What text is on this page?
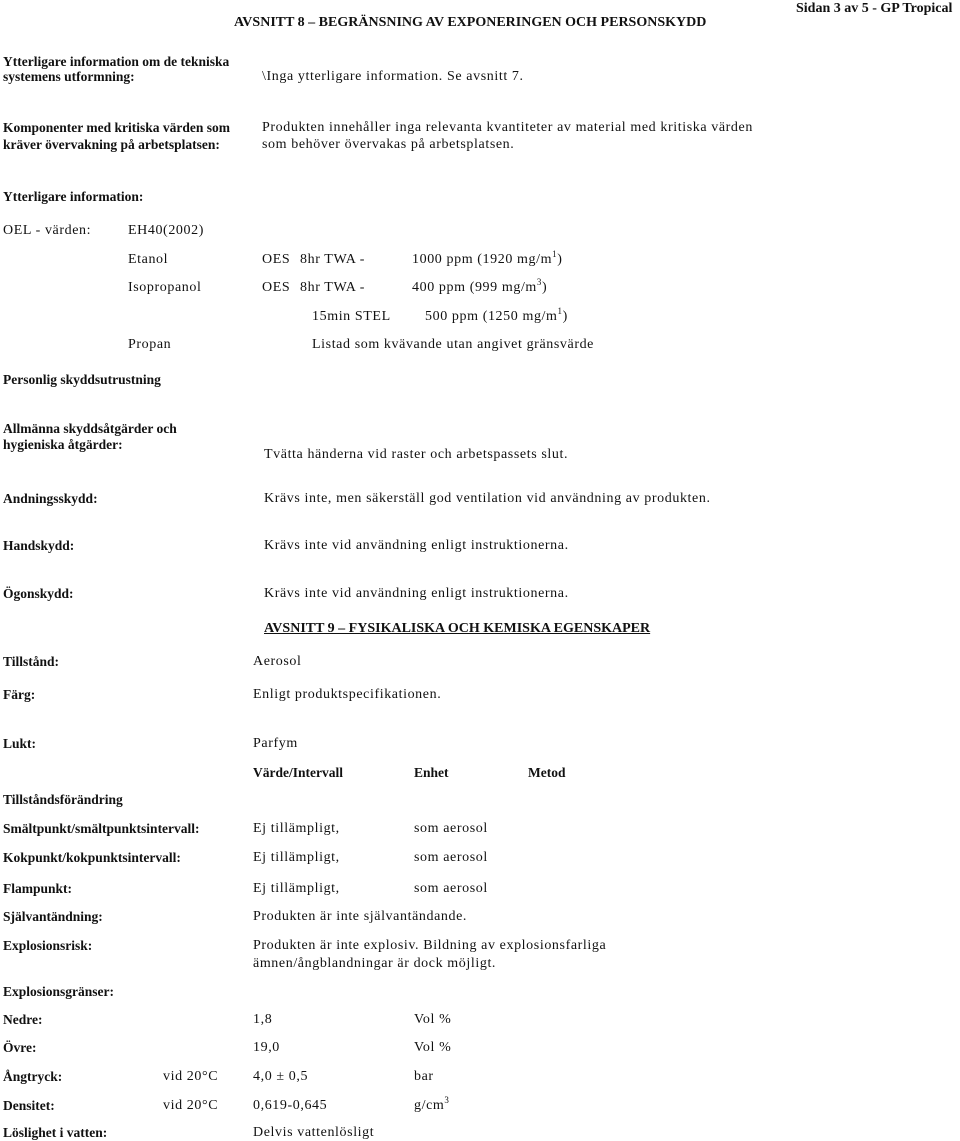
AVSNITT 8 – BEGRÄNSNING AV EXPONERINGEN OCH PERSONSKYDD
Sidan 3 av 5 - GP Tropical
Ytterligare information om de tekniska
systemens utformning:	\Inga ytterligare information. Se avsnitt 7.
Komponenter med kritiska värden som
kräver övervakning på arbetsplatsen:
Produkten innehåller inga relevanta kvantiteter av material med kritiska värden
som behöver övervakas på arbetsplatsen.
Ytterligare information:
OEL - värden:	EH40(2002)
Etanol	OES 8hr TWA -	1000 ppm (1920 $mg/m^1$)
Isopropanol	OES 8hr TWA -	400 ppm (999 $mg/m^3$)
15min STEL 500 ppm (1250 $mg/m^1$)
Propan	Listad som kvävande utan angivet gränsvärde
Personlig skyddsutrustning
Allmänna skyddsåtgärder och
hygieniska åtgärder:
Tvätta händerna vid raster och arbetspassets slut.
Andningsskydd:	Krävs inte, men säkerställ god ventilation vid användning av produkten.
Handskydd:	Krävs inte vid användning enligt instruktionerna.
Ögonskydd:	Krävs inte vid användning enligt instruktionerna.
AVSNITT 9 – FYSIKALISKA OCH KEMISKA EGENSKAPER
Tillstånd:	Aerosol
Färg:	Enligt produktspecifikationen.
Lukt:	Parfym
Värde/Intervall	Enhet	Metod
Tillståndsförändring
Smältpunkt/smältpunktsintervall:	Ej tillämpligt,	som aerosol
Kokpunkt/kokpunktsintervall:	Ej tillämpligt,	som aerosol
Flampunkt:	Ej tillämpligt,	som aerosol
Självantändning:	Produkten är inte självantändande.
Explosionsrisk:	Produkten är inte explosiv. Bildning av explosionsfarliga
ämnen/ångblandningar är dock möjligt.
Explosionsgränser:
Nedre:	1,8	Vol %
Övre:	19,0	Vol %
Ångtryck:	vid 20°C 4,0 ± 0,5	bar
Densitet:	vid 20°C 0,619-0,645	$g/cm^3$
Löslighet i vatten:	Delvis vattenlösligt
